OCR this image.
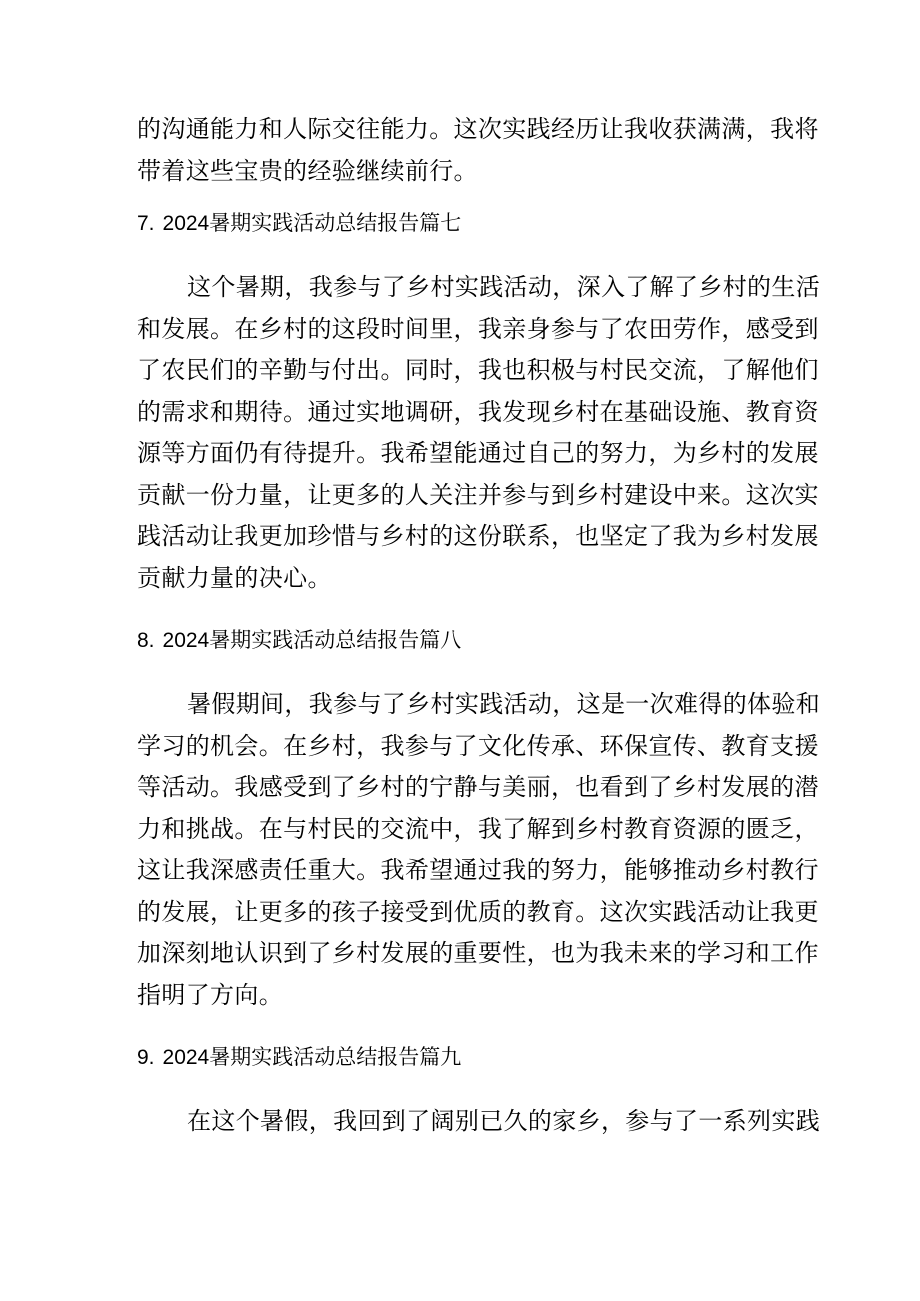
的沟通能力和人际交往能力。这次实践经历让我收获满满，我将
带着这些宝贵的经验继续前行。
7. 2024暑期实践活动总结报告篇七
这个暑期，我参与了乡村实践活动，深入了解了乡村的生活
和发展。在乡村的这段时间里，我亲身参与了农田劳作，感受到
了农民们的辛勤与付出。同时，我也积极与村民交流，了解他们
的需求和期待。通过实地调研，我发现乡村在基础设施、教育资
源等方面仍有待提升。我希望能通过自己的努力，为乡村的发展
贡献一份力量，让更多的人关注并参与到乡村建设中来。这次实
践活动让我更加珍惜与乡村的这份联系，也坚定了我为乡村发展
贡献力量的决心。
8. 2024暑期实践活动总结报告篇八
暑假期间，我参与了乡村实践活动，这是一次难得的体验和
学习的机会。在乡村，我参与了文化传承、环保宣传、教育支援
等活动。我感受到了乡村的宁静与美丽，也看到了乡村发展的潜
力和挑战。在与村民的交流中，我了解到乡村教育资源的匮乏，
这让我深感责任重大。我希望通过我的努力，能够推动乡村教行
的发展，让更多的孩子接受到优质的教育。这次实践活动让我更
加深刻地认识到了乡村发展的重要性，也为我未来的学习和工作
指明了方向。
9. 2024暑期实践活动总结报告篇九
在这个暑假，我回到了阔别已久的家乡，参与了一系列实践
